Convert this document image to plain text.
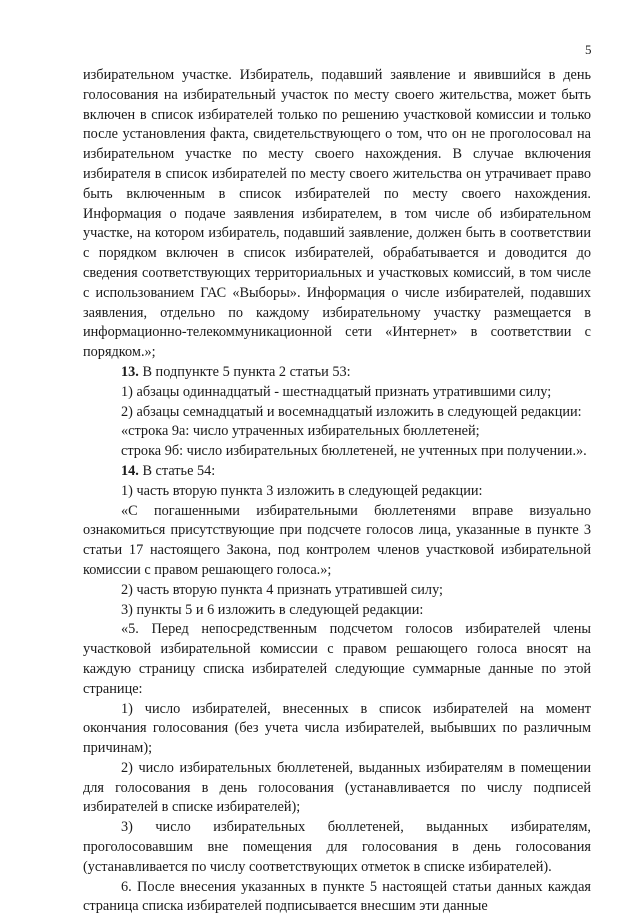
5

избирательном участке. Избиратель, подавший заявление и явившийся в день голосования на избирательный участок по месту своего жительства, может быть включен в список избирателей только по решению участковой комиссии и только после установления факта, свидетельствующего о том, что он не проголосовал на избирательном участке по месту своего нахождения. В случае включения избирателя в список избирателей по месту своего жительства он утрачивает право быть включенным в список избирателей по месту своего нахождения. Информация о подаче заявления избирателем, в том числе об избирательном участке, на котором избиратель, подавший заявление, должен быть в соответствии с порядком включен в список избирателей, обрабатывается и доводится до сведения соответствующих территориальных и участковых комиссий, в том числе с использованием ГАС «Выборы». Информация о числе избирателей, подавших заявления, отдельно по каждому избирательному участку размещается в информационно-телекоммуникационной сети «Интернет» в соответствии с порядком.»;

13. В подпункте 5 пункта 2 статьи 53:

1) абзацы одиннадцатый - шестнадцатый признать утратившими силу;

2) абзацы семнадцатый и восемнадцатый изложить в следующей редакции:

«строка 9а: число утраченных избирательных бюллетеней;

строка 9б: число избирательных бюллетеней, не учтенных при получении.».

14. В статье 54:

1) часть вторую пункта 3 изложить в следующей редакции:

«С погашенными избирательными бюллетенями вправе визуально ознакомиться присутствующие при подсчете голосов лица, указанные в пункте 3 статьи 17 настоящего Закона, под контролем членов участковой избирательной комиссии с правом решающего голоса.»;

2) часть вторую пункта 4 признать утратившей силу;

3) пункты 5 и 6 изложить в следующей редакции:

«5. Перед непосредственным подсчетом голосов избирателей члены участковой избирательной комиссии с правом решающего голоса вносят на каждую страницу списка избирателей следующие суммарные данные по этой странице:

1) число избирателей, внесенных в список избирателей на момент окончания голосования (без учета числа избирателей, выбывших по различным причинам);

2) число избирательных бюллетеней, выданных избирателям в помещении для голосования в день голосования (устанавливается по числу подписей избирателей в списке избирателей);

3) число избирательных бюллетеней, выданных избирателям, проголосовавшим вне помещения для голосования в день голосования (устанавливается по числу соответствующих отметок в списке избирателей).

6. После внесения указанных в пункте 5 настоящей статьи данных каждая страница списка избирателей подписывается внесшим эти данные
